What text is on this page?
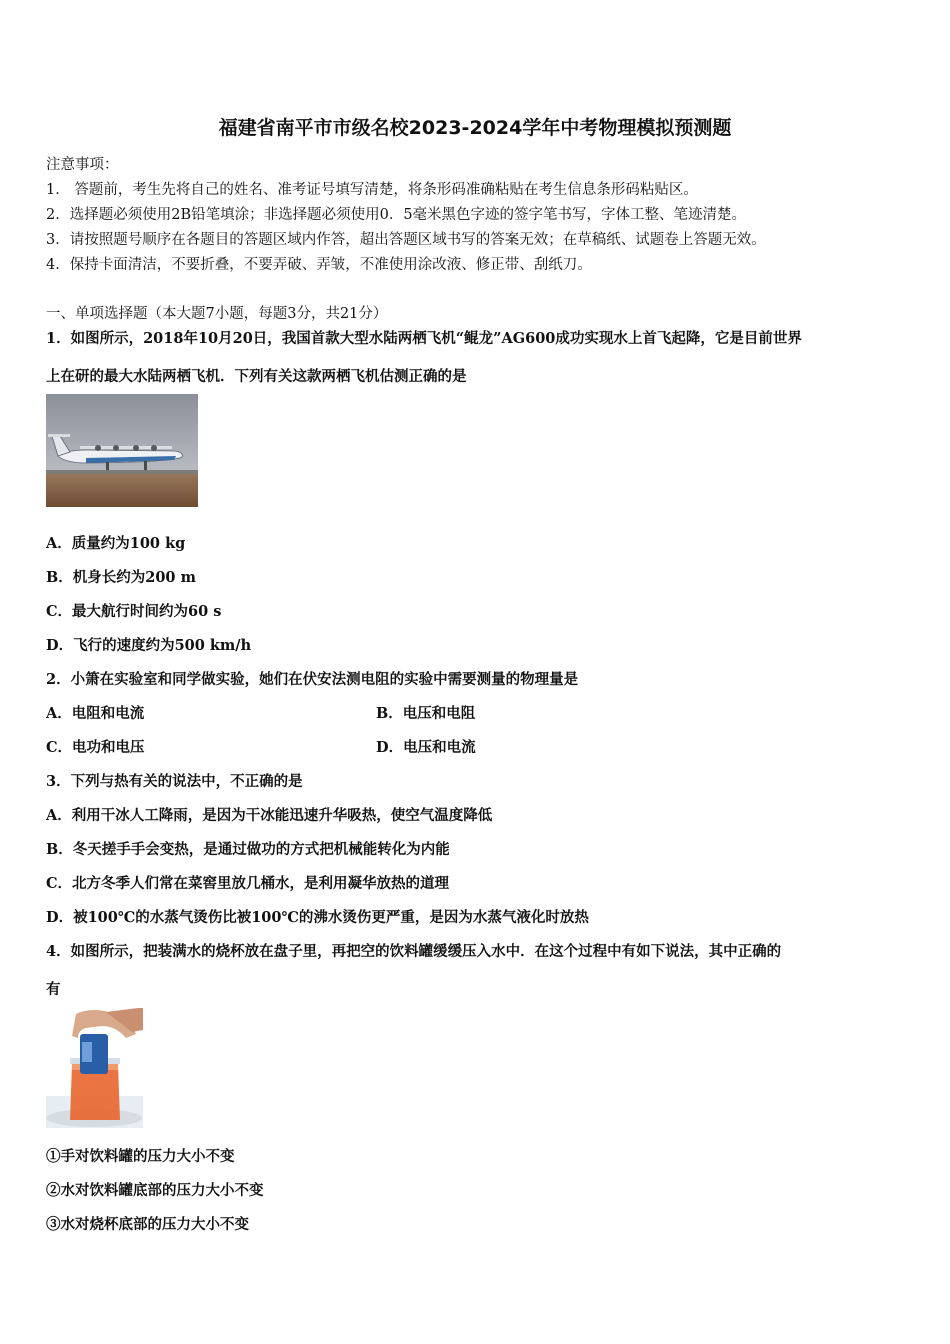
福建省南平市市级名校2023-2024学年中考物理模拟预测题
注意事项：
1． 答题前，考生先将自己的姓名、准考证号填写清楚，将条形码准确粘贴在考生信息条形码粘贴区。
2．选择题必须使用2B铅笔填涂；非选择题必须使用0．5毫米黑色字迹的签字笔书写，字体工整、笔迹清楚。
3．请按照题号顺序在各题目的答题区域内作答，超出答题区域书写的答案无效；在草稿纸、试题卷上答题无效。
4．保持卡面清洁，不要折叠，不要弄破、弄皱，不准使用涂改液、修正带、刮纸刀。
一、单项选择题（本大题7小题，每题3分，共21分）
1．如图所示，2018年10月20日，我国首款大型水陆两栖飞机“鲲龙”AG600成功实现水上首飞起降，它是目前世界
上在研的最大水陆两栖飞机．下列有关这款两栖飞机估测正确的是
A．质量约为100 kg
B．机身长约为200 m
C．最大航行时间约为60 s
D．飞行的速度约为500 km/h
2．小箫在实验室和同学做实验，她们在伏安法测电阻的实验中需要测量的物理量是
A．电阻和电流	B．电压和电阻
C．电功和电压	D．电压和电流
3．下列与热有关的说法中，不正确的是
A．利用干冰人工降雨，是因为干冰能迅速升华吸热，使空气温度降低
B．冬天搓手手会变热，是通过做功的方式把机械能转化为内能
C．北方冬季人们常在菜窖里放几桶水，是利用凝华放热的道理
D．被100℃的水蒸气烫伤比被100℃的沸水烫伤更严重，是因为水蒸气液化时放热
4．如图所示，把装满水的烧杯放在盘子里，再把空的饮料罐缓缓压入水中．在这个过程中有如下说法，其中正确的
有
①手对饮料罐的压力大小不变
②水对饮料罐底部的压力大小不变
③水对烧杯底部的压力大小不变
